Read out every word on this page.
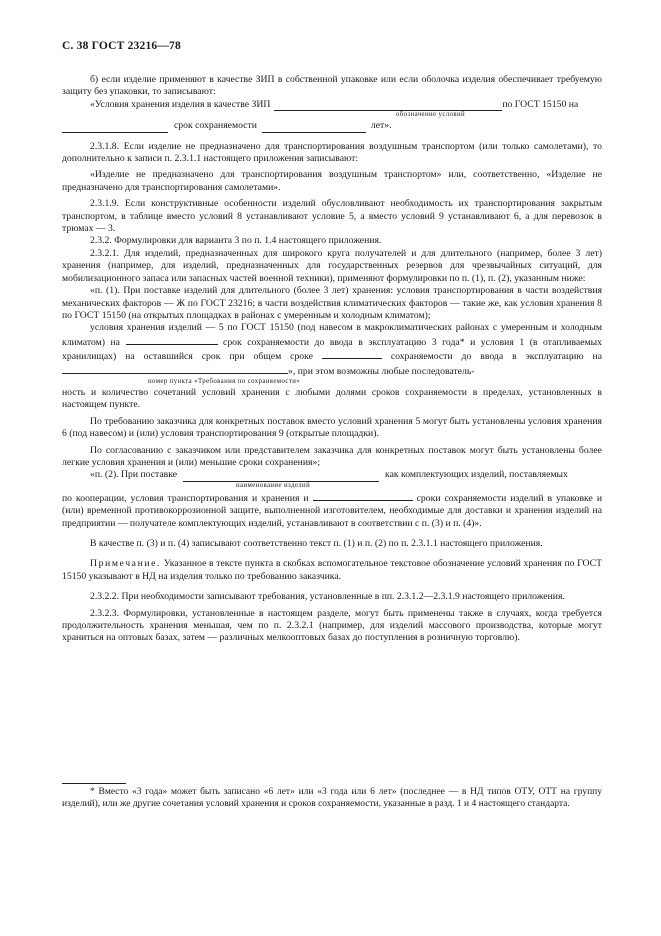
С. 38 ГОСТ 23216—78

б) если изделие применяют в качестве ЗИП в собственной упаковке или если оболочка изделия обеспечивает требуемую защиту без упаковки, то записывают:

«Условия хранения изделия в качестве ЗИП	по ГОСТ 15150 на
обозначение условий
срок сохраняемости	лет».

2.3.1.8. Если изделие не предназначено для транспортирования воздушным транспортом (или только самолетами), то дополнительно к записи п. 2.3.1.1 настоящего приложения записывают:

«Изделие не предназначено для транспортирования воздушным транспортом» или, соответственно, «Изделие не предназначено для транспортирования самолетами».

2.3.1.9. Если конструктивные особенности изделий обусловливают необходимость их транспортирования закрытым транспортом, в таблице вместо условий 8 устанавливают условие 5, а вместо условий 9 устанавливают 6, а для перевозок в трюмах — 3.

2.3.2. Формулировки для варианта 3 по п. 1.4 настоящего приложения.

2.3.2.1. Для изделий, предназначенных для широкого круга получателей и для длительного (например, более 3 лет) хранения (например, для изделий, предназначенных для государственных резервов для чрезвычайных ситуаций, для мобилизационного запаса или запасных частей военной техники), применяют формулировки по п. (1), п. (2), указанным ниже:

«п. (1). При поставке изделий для длительного (более 3 лет) хранения: условия транспортирования в части воздействия механических факторов — Ж по ГОСТ 23216; в части воздействия климатических факторов — такие же, как условия хранения 8 по ГОСТ 15150 (на открытых площадках в районах с умеренным и холодным климатом);

условия хранения изделий — 5 по ГОСТ 15150 (под навесом в макроклиматических районах с умеренным и холодным климатом) на	срок сохраняемости до ввода в эксплуатацию 3 года* и условия 1 (в отапливаемых хранилищах) на оставшийся срок при общем сроке	сохраняемости до ввода в эксплуатацию на », при этом возможны любые последователь-

номер пункта «Требования по сохраняемости»

ность и количество сочетаний условий хранения с любыми долями сроков сохраняемости в пределах, установленных в настоящем пункте.

По требованию заказчика для конкретных поставок вместо условий хранения 5 могут быть установлены условия хранения 6 (под навесом) и (или) условия транспортирования 9 (открытые площадки).

По согласованию с заказчиком или представителем заказчика для конкретных поставок могут быть установлены более легкие условия хранения и (или) меньшие сроки сохранения»;

«п. (2). При поставке	как комплектующих изделий, поставляемых
наименование изделий

по кооперации, условия транспортирования и хранения и	сроки сохраняемости изделий в упаковке и (или) временной противокоррозионной защите, выполненной изготовителем, необходимые для доставки и хранения изделий на предприятии — получателе комплектующих изделий, устанавливают в соответствии с п. (3) и п. (4)».

В качестве п. (3) и п. (4) записывают соответственно текст п. (1) и п. (2) по п. 2.3.1.1 настоящего приложения.

Примечание. Указанное в тексте пункта в скобках вспомогательное текстовое обозначение условий хранения по ГОСТ 15150 указывают в НД на изделия только по требованию заказчика.

2.3.2.2. При необходимости записывают требования, установленные в пп. 2.3.1.2—2.3.1.9 настоящего приложения.

2.3.2.3. Формулировки, установленные в настоящем разделе, могут быть применены также в случаях, когда требуется продолжительность хранения меньшая, чем по п. 2.3.2.1 (например, для изделий массового производства, которые могут храниться на оптовых базах, затем — различных мелкооптовых базах до поступления в розничную торговлю).

* Вместо «3 года» может быть записано «6 лет» или «3 года или 6 лет» (последнее — в НД типов ОТУ, ОТТ на группу изделий), или же другие сочетания условий хранения и сроков сохраняемости, указанные в разд. 1 и 4 настоящего стандарта.
